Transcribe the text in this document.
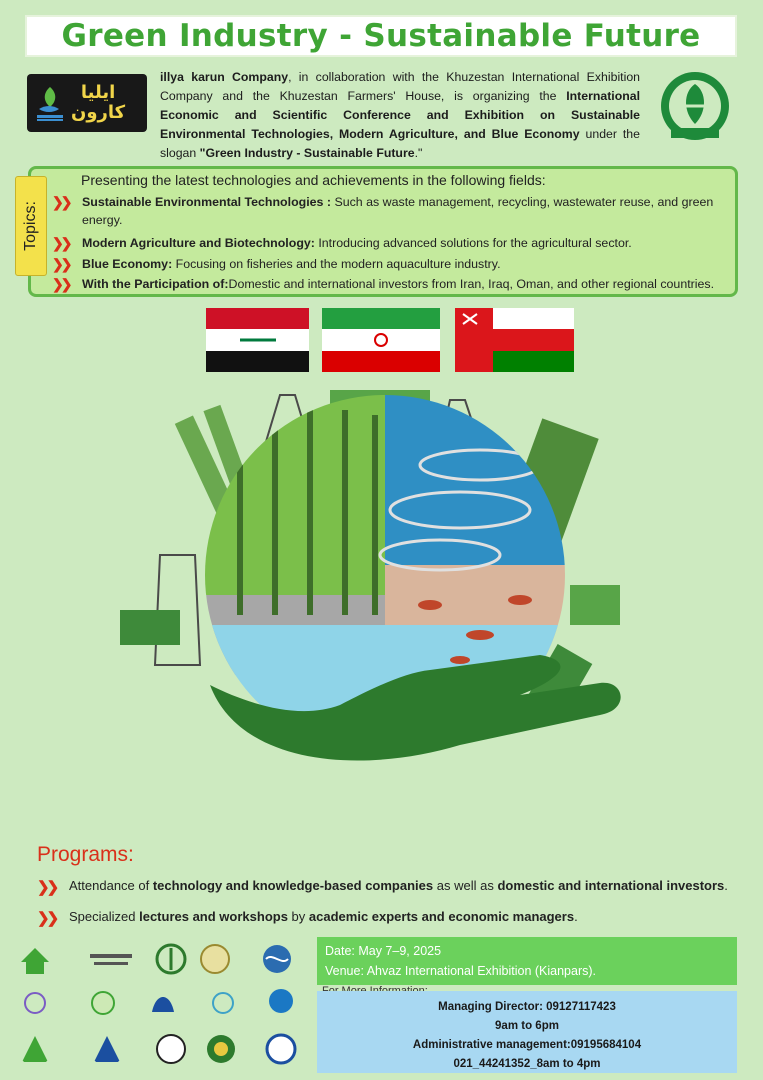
Green Industry - Sustainable Future
ايليا
كارون
illya karun Company, in collaboration with the Khuzestan International Exhibition Company and the Khuzestan Farmers' House, is organizing the International Economic and Scientific Conference and Exhibition on Sustainable Environmental Technologies, Modern Agriculture, and Blue Economy under the slogan "Green Industry - Sustainable Future."
Topics:
Presenting the latest technologies and achievements in the following fields:
❯❯	Sustainable Environmental Technologies : Such as waste management, recycling, wastewater reuse, and green energy.
❯❯	Modern Agriculture and Biotechnology: Introducing advanced solutions for the agricultural sector.
❯❯	Blue Economy: Focusing on fisheries and the modern aquaculture industry.
❯❯	With the Participation of:Domestic and international investors from Iran, Iraq, Oman, and other regional countries.
Programs:
❯❯ Attendance of technology and knowledge-based companies as well as domestic and international investors.
❯❯ Specialized lectures and workshops by academic experts and economic managers.
Date: May 7–9, 2025
Venue: Ahvaz International Exhibition (Kianpars).
Managing Director: 09127117423
9am to 6pm
Administrative management:09195684104
021_44241352_8am to 4pm
